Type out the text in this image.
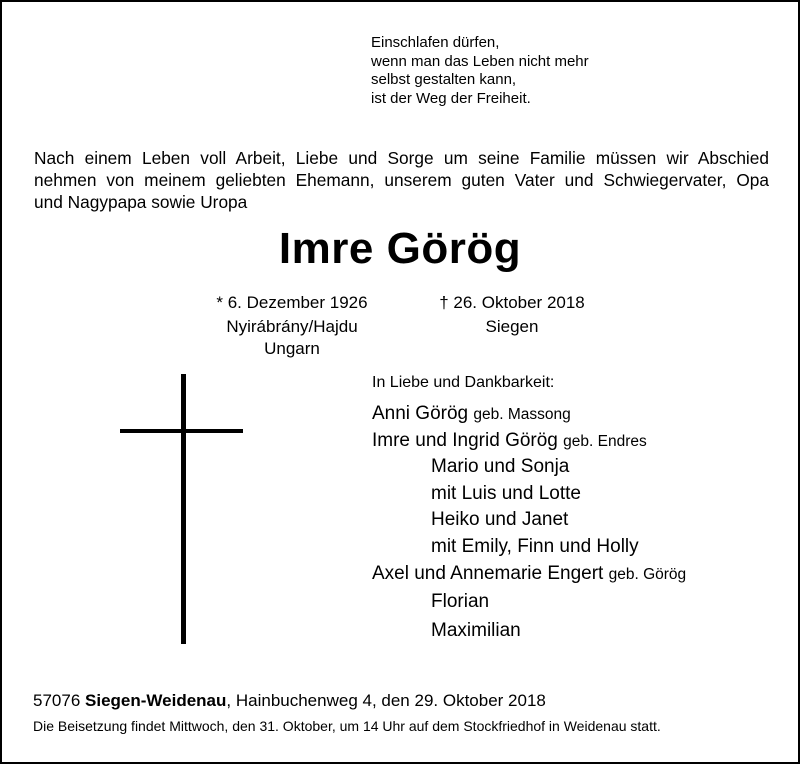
Einschlafen dürfen,
wenn man das Leben nicht mehr
selbst gestalten kann,
ist der Weg der Freiheit.
Nach einem Leben voll Arbeit, Liebe und Sorge um seine Familie müssen wir Abschied
nehmen von meinem geliebten Ehemann, unserem guten Vater und Schwiegervater, Opa
und Nagypapa sowie Uropa
Imre Görög
* 6. Dezember 1926
Nyirábrány/Hajdu
Ungarn
† 26. Oktober 2018
Siegen
In Liebe und Dankbarkeit:
Anni Görög geb. Massong
Imre und Ingrid Görög geb. Endres
Mario und Sonja
mit Luis und Lotte
Heiko und Janet
mit Emily, Finn und Holly
Axel und Annemarie Engert geb. Görög
Florian
Maximilian
57076 Siegen-Weidenau, Hainbuchenweg 4, den 29. Oktober 2018
Die Beisetzung findet Mittwoch, den 31. Oktober, um 14 Uhr auf dem Stockfriedhof in Weidenau statt.
